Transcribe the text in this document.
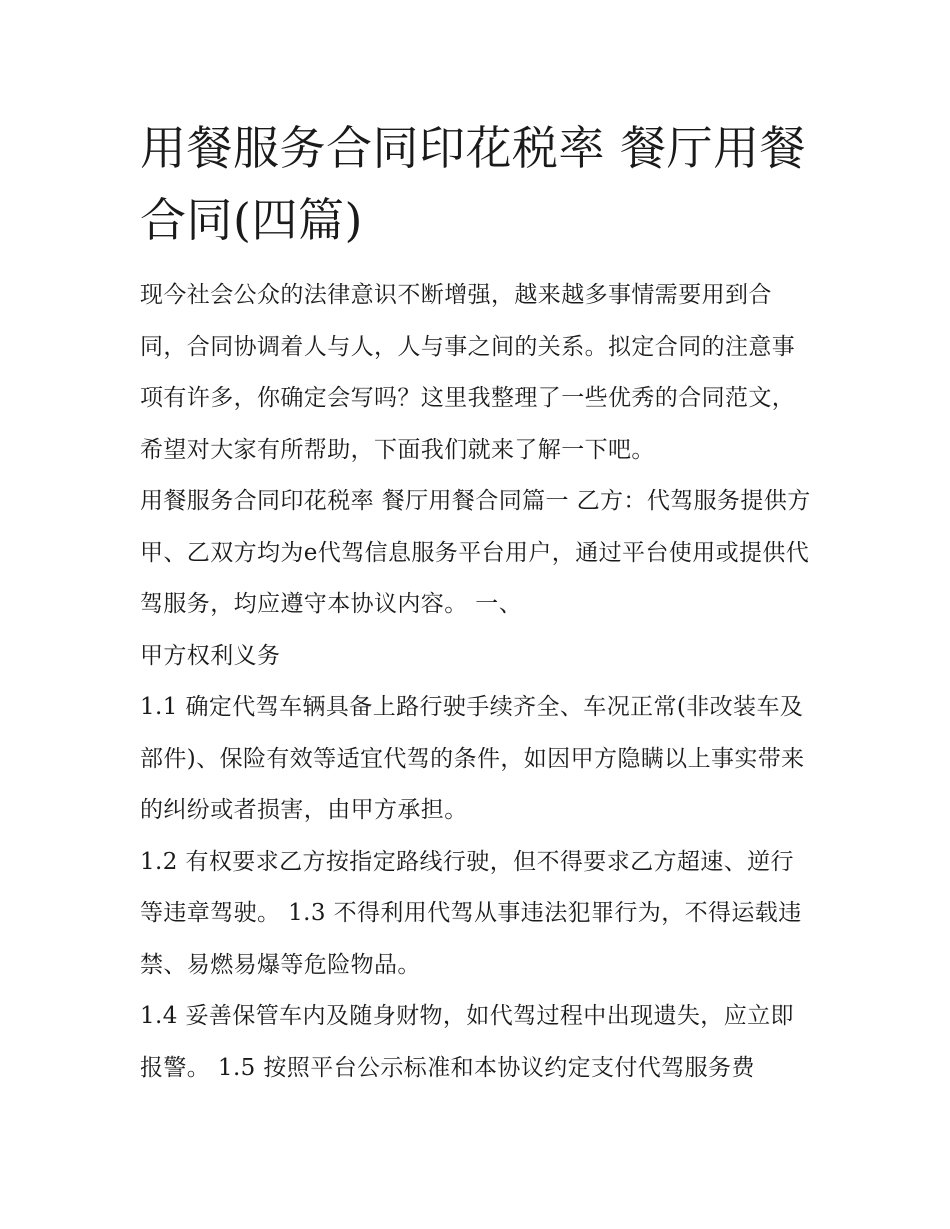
用餐服务合同印花税率 餐厅用餐合同(四篇)

现今社会公众的法律意识不断增强，越来越多事情需要用到合同，合同协调着人与人，人与事之间的关系。拟定合同的注意事项有许多，你确定会写吗？这里我整理了一些优秀的合同范文，希望对大家有所帮助，下面我们就来了解一下吧。

用餐服务合同印花税率 餐厅用餐合同篇一 乙方：代驾服务提供方 甲、乙双方均为e代驾信息服务平台用户，通过平台使用或提供代驾服务，均应遵守本协议内容。 一、

甲方权利义务

1.1 确定代驾车辆具备上路行驶手续齐全、车况正常(非改装车及部件)、保险有效等适宜代驾的条件，如因甲方隐瞒以上事实带来的纠纷或者损害，由甲方承担。

1.2 有权要求乙方按指定路线行驶，但不得要求乙方超速、逆行等违章驾驶。 1.3 不得利用代驾从事违法犯罪行为，不得运载违禁、易燃易爆等危险物品。

1.4 妥善保管车内及随身财物，如代驾过程中出现遗失，应立即报警。 1.5 按照平台公示标准和本协议约定支付代驾服务费
